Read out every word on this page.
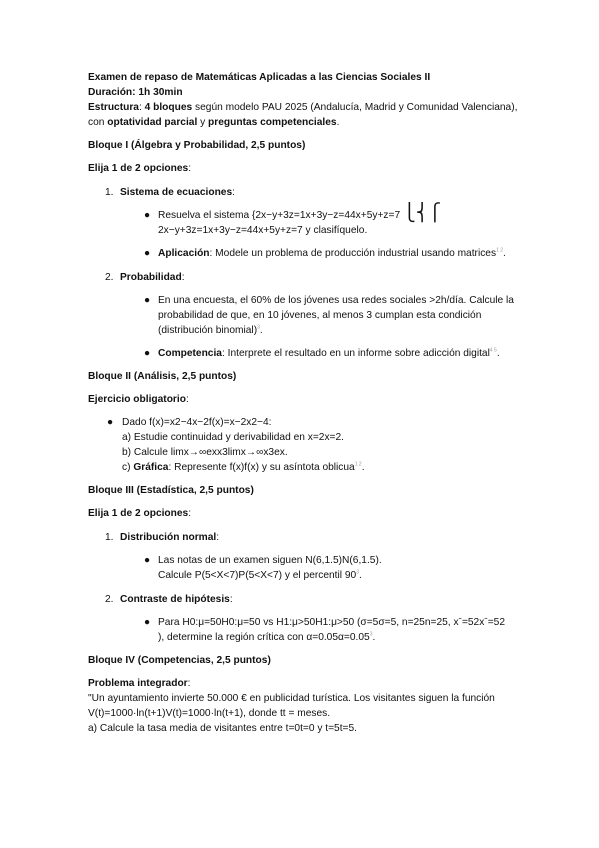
Examen de repaso de Matemáticas Aplicadas a las Ciencias Sociales II

Duración: 1h 30min

Estructura: 4 bloques según modelo PAU 2025 (Andalucía, Madrid y Comunidad Valenciana), con optatividad parcial y preguntas competenciales.

Bloque I (Álgebra y Probabilidad, 2,5 puntos)

Elija 1 de 2 opciones:

1. Sistema de ecuaciones:
● Resuelva el sistema {2x−y+3z=1x+3y−z=44x+5y+z=7 ⎩⎨⎧ 2x−y+3z=1x+3y−z=44x+5y+z=7 y clasifíquelo.
● Aplicación: Modele un problema de producción industrial usando matrices$^{1 2}$.
2. Probabilidad:
● En una encuesta, el 60% de los jóvenes usa redes sociales >2h/día. Calcule la probabilidad de que, en 10 jóvenes, al menos 3 cumplan esta condición (distribución binomial)$^3$.
● Competencia: Interprete el resultado en un informe sobre adicción digital$^{4 5}$.

Bloque II (Análisis, 2,5 puntos)

Ejercicio obligatorio:

● Dado f(x)=x2−4x−2f(x)=x−2x2−4:

a) Estudie continuidad y derivabilidad en x=2x=2.

b) Calcule lim⁡x→∞exx3limx→∞x3ex.

c) Gráfica: Represente f(x)f(x) y su asíntota oblicua$^{1 2}$.

Bloque III (Estadística, 2,5 puntos)

Elija 1 de 2 opciones:

1. Distribución normal:
● Las notas de un examen siguen N(6,1.5)N(6,1.5).

Calcule P(5<X<7)P(5<X<7) y el percentil $90^3$.

2. Contraste de hipótesis:
● Para H0:μ=50H0:μ=50 vs H1:μ>50H1:μ>50 (σ=5σ=5, n=25n=25, xˉ=52xˉ=52

), determine la región crítica con $\alpha=0.05\alpha=0.05^3$.

Bloque IV (Competencias, 2,5 puntos)

Problema integrador:

"Un ayuntamiento invierte 50.000 € en publicidad turística. Los visitantes siguen la función V(t)=1000·ln⁡(t+1)V(t)=1000·ln(t+1), donde tt = meses.

a) Calcule la tasa media de visitantes entre t=0t=0 y t=5t=5.
